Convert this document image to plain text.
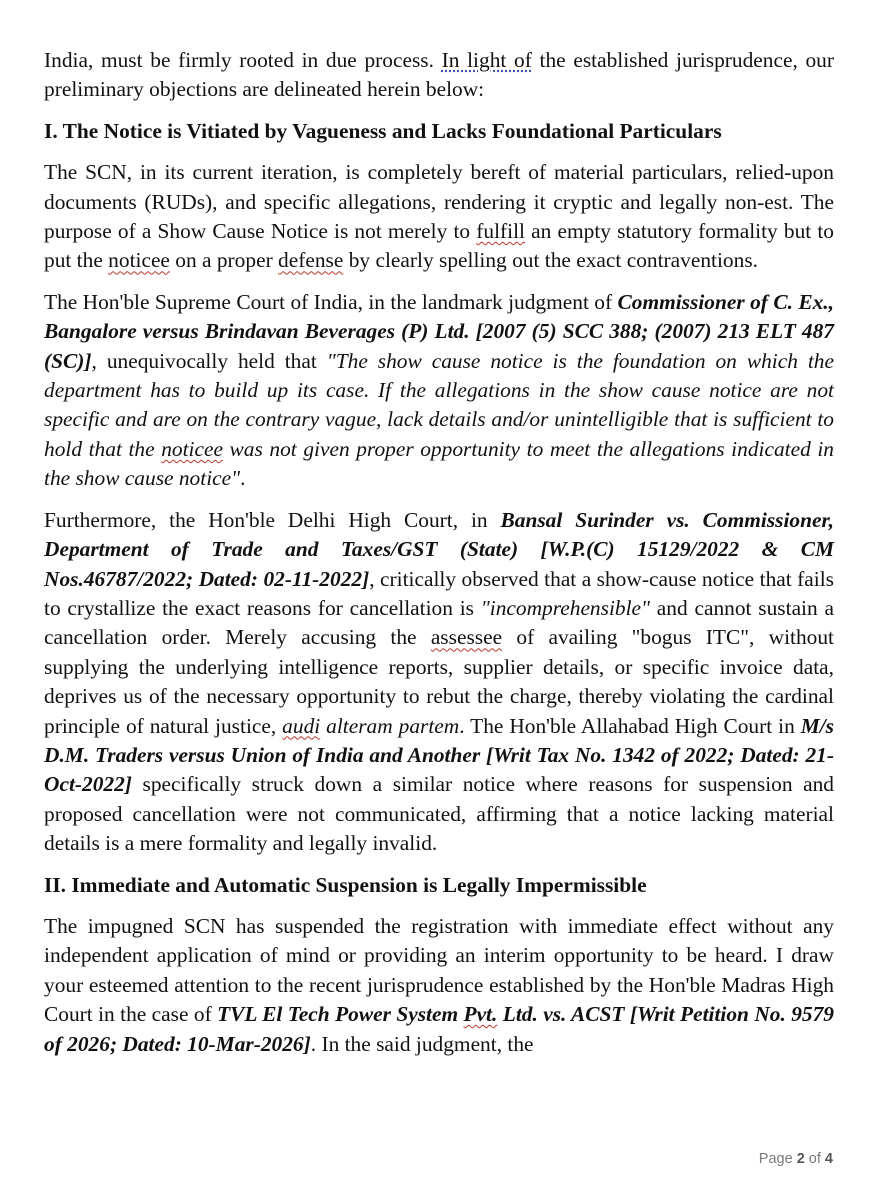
India, must be firmly rooted in due process. In light of the established jurisprudence, our preliminary objections are delineated herein below:

I. The Notice is Vitiated by Vagueness and Lacks Foundational Particulars

The SCN, in its current iteration, is completely bereft of material particulars, relied-upon documents (RUDs), and specific allegations, rendering it cryptic and legally non-est. The purpose of a Show Cause Notice is not merely to fulfill an empty statutory formality but to put the noticee on a proper defense by clearly spelling out the exact contraventions.

The Hon'ble Supreme Court of India, in the landmark judgment of Commissioner of C. Ex., Bangalore versus Brindavan Beverages (P) Ltd. [2007 (5) SCC 388; (2007) 213 ELT 487 (SC)], unequivocally held that "The show cause notice is the foundation on which the department has to build up its case. If the allegations in the show cause notice are not specific and are on the contrary vague, lack details and/or unintelligible that is sufficient to hold that the noticee was not given proper opportunity to meet the allegations indicated in the show cause notice".

Furthermore, the Hon'ble Delhi High Court, in Bansal Surinder vs. Commissioner, Department of Trade and Taxes/GST (State) [W.P.(C) 15129/2022 & CM Nos.46787/2022; Dated: 02-11-2022], critically observed that a show-cause notice that fails to crystallize the exact reasons for cancellation is "incomprehensible" and cannot sustain a cancellation order. Merely accusing the assessee of availing "bogus ITC", without supplying the underlying intelligence reports, supplier details, or specific invoice data, deprives us of the necessary opportunity to rebut the charge, thereby violating the cardinal principle of natural justice, audi alteram partem. The Hon'ble Allahabad High Court in M/s D.M. Traders versus Union of India and Another [Writ Tax No. 1342 of 2022; Dated: 21-Oct-2022] specifically struck down a similar notice where reasons for suspension and proposed cancellation were not communicated, affirming that a notice lacking material details is a mere formality and legally invalid.

II. Immediate and Automatic Suspension is Legally Impermissible

The impugned SCN has suspended the registration with immediate effect without any independent application of mind or providing an interim opportunity to be heard. I draw your esteemed attention to the recent jurisprudence established by the Hon'ble Madras High Court in the case of TVL El Tech Power System Pvt. Ltd. vs. ACST [Writ Petition No. 9579 of 2026; Dated: 10-Mar-2026]. In the said judgment, the

Page 2 of 4
